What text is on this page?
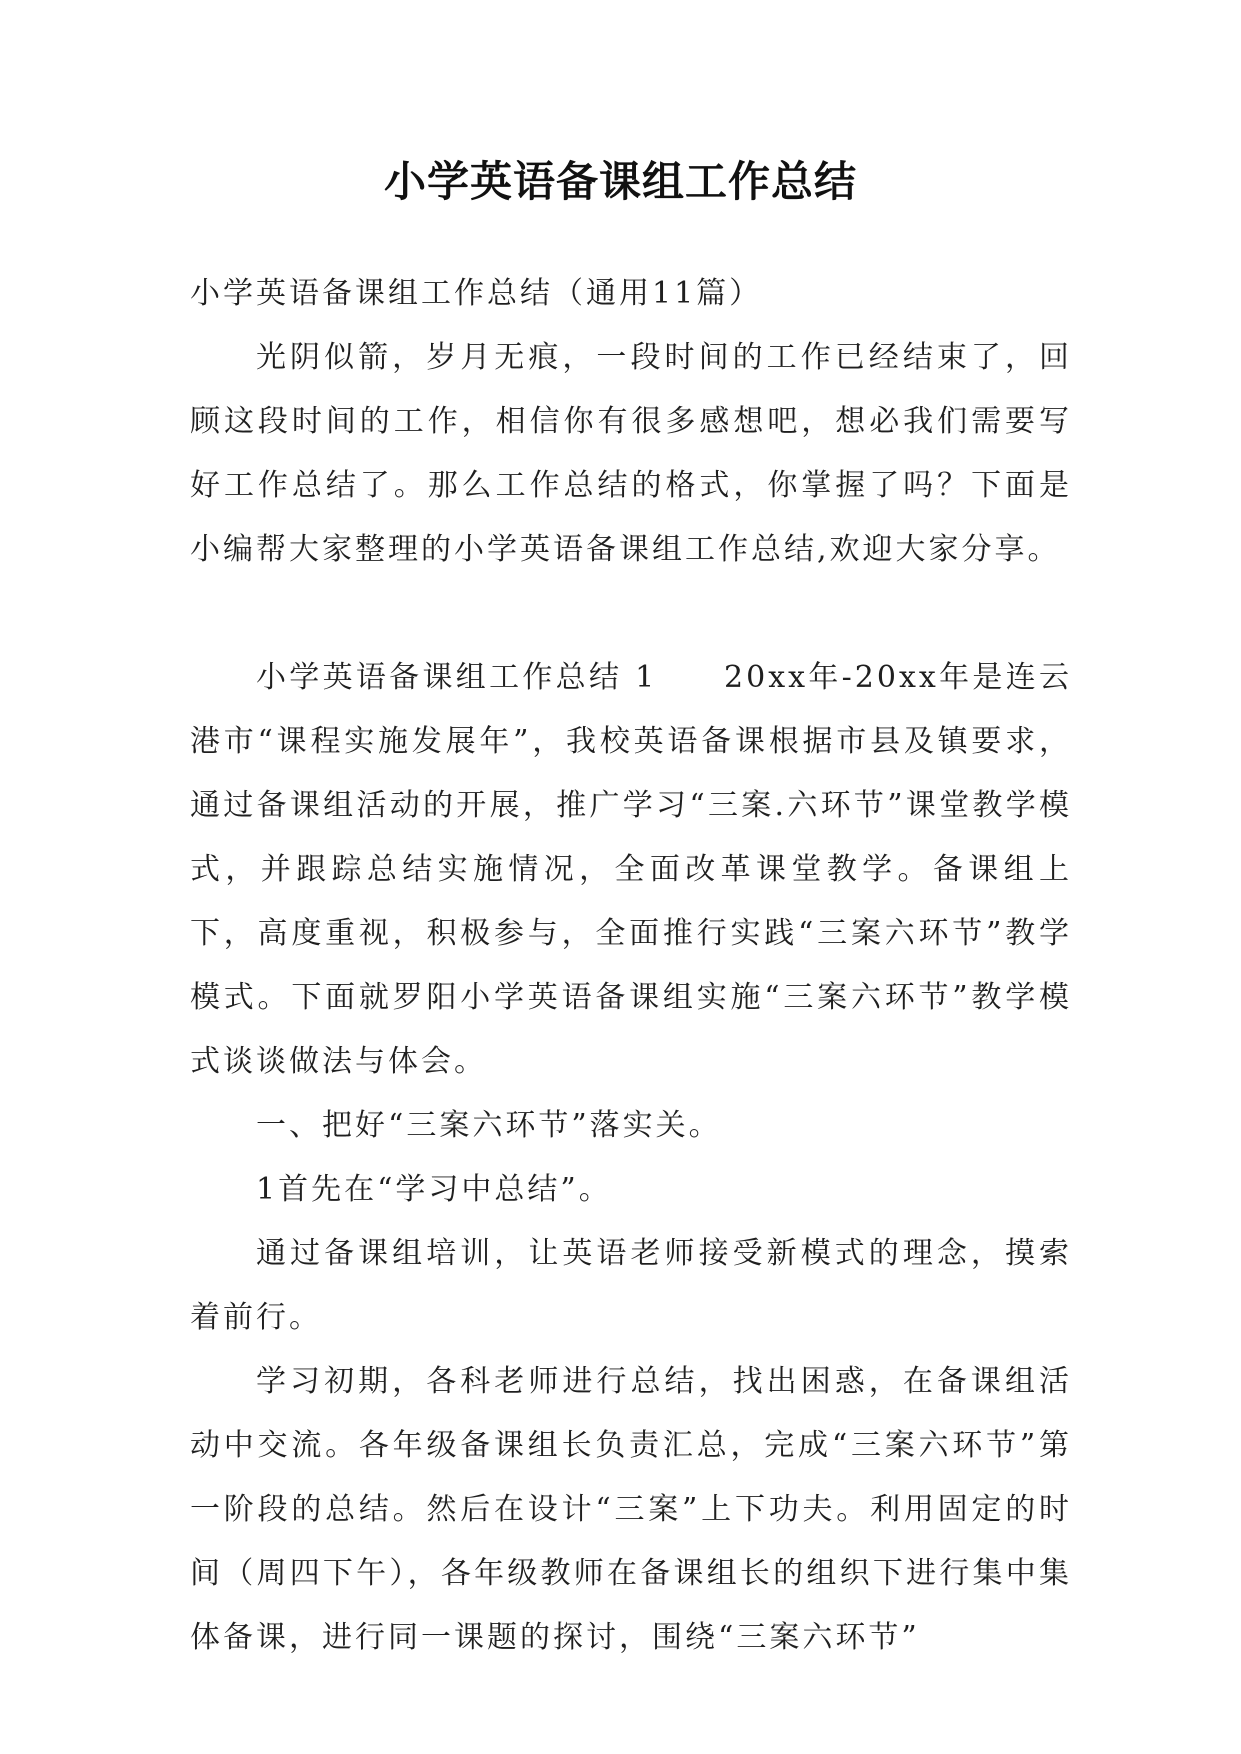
小学英语备课组工作总结

小学英语备课组工作总结（通用11篇）

光阴似箭，岁月无痕，一段时间的工作已经结束了，回顾这段时间的工作，相信你有很多感想吧，想必我们需要写好工作总结了。那么工作总结的格式，你掌握了吗？下面是小编帮大家整理的小学英语备课组工作总结,欢迎大家分享。

小学英语备课组工作总结 1　　20xx年-20xx年是连云港市“课程实施发展年”，我校英语备课根据市县及镇要求，通过备课组活动的开展，推广学习“三案.六环节”课堂教学模式，并跟踪总结实施情况，全面改革课堂教学。备课组上下，高度重视，积极参与，全面推行实践“三案六环节”教学模式。下面就罗阳小学英语备课组实施“三案六环节”教学模式谈谈做法与体会。

一、把好“三案六环节”落实关。

1首先在“学习中总结”。

通过备课组培训，让英语老师接受新模式的理念，摸索着前行。

学习初期，各科老师进行总结，找出困惑，在备课组活动中交流。各年级备课组长负责汇总，完成“三案六环节”第一阶段的总结。然后在设计“三案”上下功夫。利用固定的时间（周四下午），各年级教师在备课组长的组织下进行集中集体备课，进行同一课题的探讨，围绕“三案六环节”
